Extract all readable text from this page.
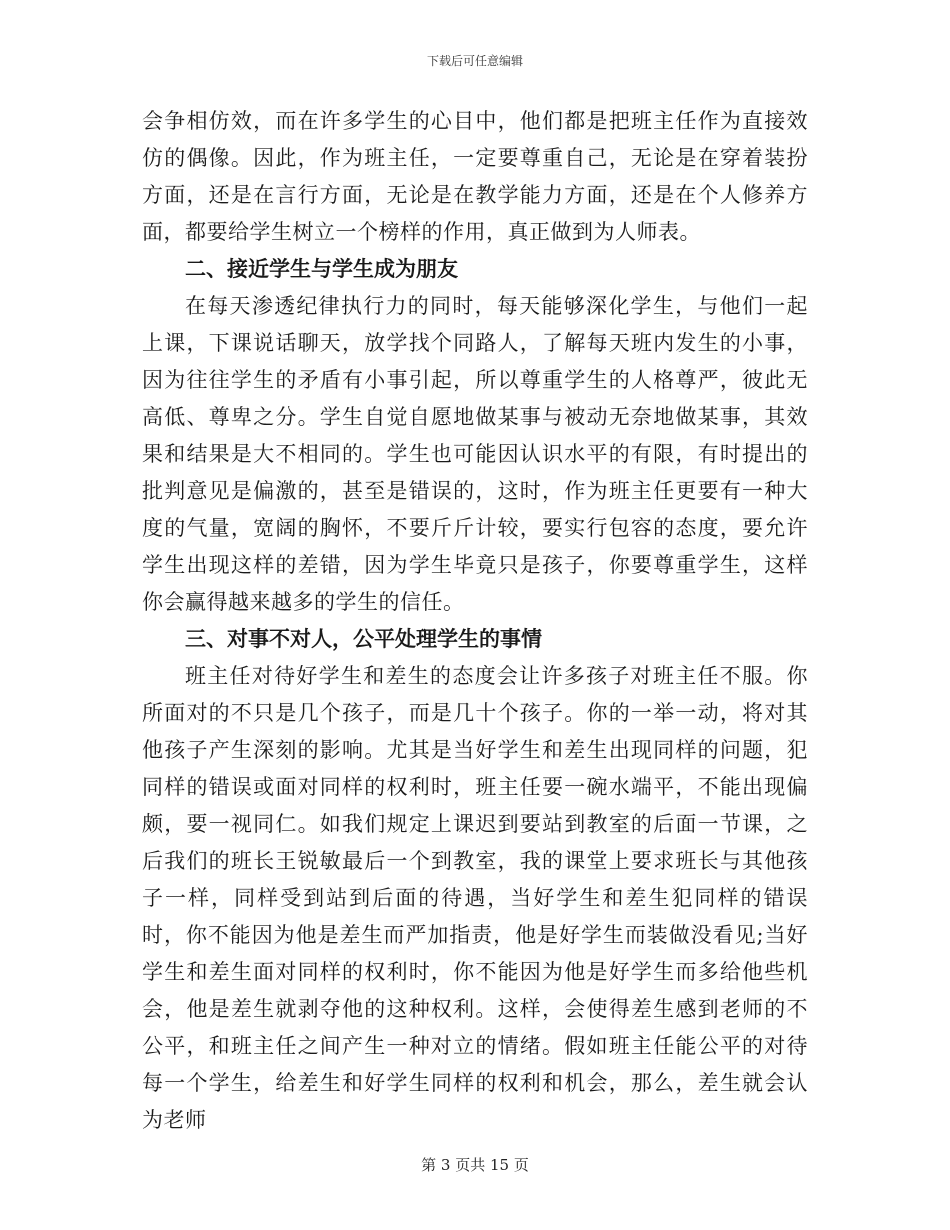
下载后可任意编辑

会争相仿效，而在许多学生的心目中，他们都是把班主任作为直接效仿的偶像。因此，作为班主任，一定要尊重自己，无论是在穿着装扮方面，还是在言行方面，无论是在教学能力方面，还是在个人修养方面，都要给学生树立一个榜样的作用，真正做到为人师表。

二、接近学生与学生成为朋友

在每天渗透纪律执行力的同时，每天能够深化学生，与他们一起上课，下课说话聊天，放学找个同路人，了解每天班内发生的小事，因为往往学生的矛盾有小事引起，所以尊重学生的人格尊严，彼此无高低、尊卑之分。学生自觉自愿地做某事与被动无奈地做某事，其效果和结果是大不相同的。学生也可能因认识水平的有限，有时提出的批判意见是偏激的，甚至是错误的，这时，作为班主任更要有一种大度的气量，宽阔的胸怀，不要斤斤计较，要实行包容的态度，要允许学生出现这样的差错，因为学生毕竟只是孩子，你要尊重学生，这样你会赢得越来越多的学生的信任。

三、对事不对人，公平处理学生的事情

班主任对待好学生和差生的态度会让许多孩子对班主任不服。你所面对的不只是几个孩子，而是几十个孩子。你的一举一动，将对其他孩子产生深刻的影响。尤其是当好学生和差生出现同样的问题，犯同样的错误或面对同样的权利时，班主任要一碗水端平，不能出现偏颇，要一视同仁。如我们规定上课迟到要站到教室的后面一节课，之后我们的班长王锐敏最后一个到教室，我的课堂上要求班长与其他孩子一样，同样受到站到后面的待遇，当好学生和差生犯同样的错误时，你不能因为他是差生而严加指责，他是好学生而装做没看见;当好学生和差生面对同样的权利时，你不能因为他是好学生而多给他些机会，他是差生就剥夺他的这种权利。这样，会使得差生感到老师的不公平，和班主任之间产生一种对立的情绪。假如班主任能公平的对待每一个学生，给差生和好学生同样的权利和机会，那么，差生就会认为老师

第 3 页共 15 页
